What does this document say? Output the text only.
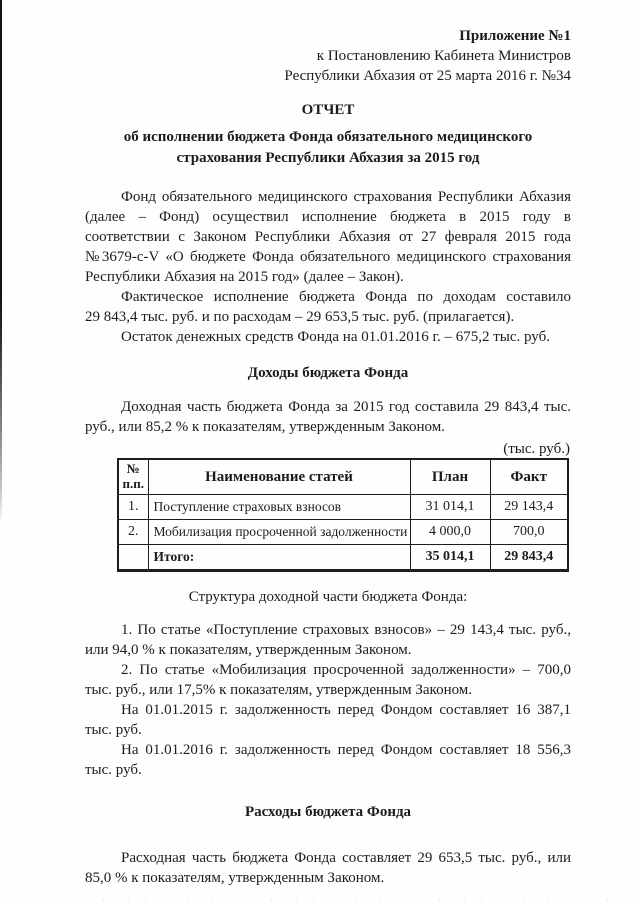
Приложение №1
к Постановлению Кабинета Министров
Республики Абхазия от 25 марта 2016 г. №34
ОТЧЕТ
об исполнении бюджета Фонда обязательного медицинского страхования Республики Абхазия за 2015 год

Фонд обязательного медицинского страхования Республики Абхазия (далее – Фонд) осуществил исполнение бюджета в 2015 году в соответствии с Законом Республики Абхазия от 27 февраля 2015 года №3679-с-V «О бюджете Фонда обязательного медицинского страхования Республики Абхазия на 2015 год» (далее – Закон).

Фактическое исполнение бюджета Фонда по доходам составило 29 843,4 тыс. руб. и по расходам – 29 653,5 тыс. руб. (прилагается).

Остаток денежных средств Фонда на 01.01.2016 г. – 675,2 тыс. руб.

Доходы бюджета Фонда

Доходная часть бюджета Фонда за 2015 год составила 29 843,4 тыс. руб., или 85,2 % к показателям, утвержденным Законом.

(тыс. руб.)
№ п.п.	Наименование статей	План	Факт
1.	Поступление страховых взносов	31 014,1	29 143,4
2.	Мобилизация просроченной задолженности	4 000,0	700,0
	Итого:	35 014,1	29 843,4
Структура доходной части бюджета Фонда:

1. По статье «Поступление страховых взносов» – 29 143,4 тыс. руб., или 94,0 % к показателям, утвержденным Законом.

2. По статье «Мобилизация просроченной задолженности» – 700,0 тыс. руб., или 17,5% к показателям, утвержденным Законом.

На 01.01.2015 г. задолженность перед Фондом составляет 16 387,1 тыс. руб.

На 01.01.2016 г. задолженность перед Фондом составляет 18 556,3 тыс. руб.

Расходы бюджета Фонда

Расходная часть бюджета Фонда составляет 29 653,5 тыс. руб., или 85,0 % к показателям, утвержденным Законом.
